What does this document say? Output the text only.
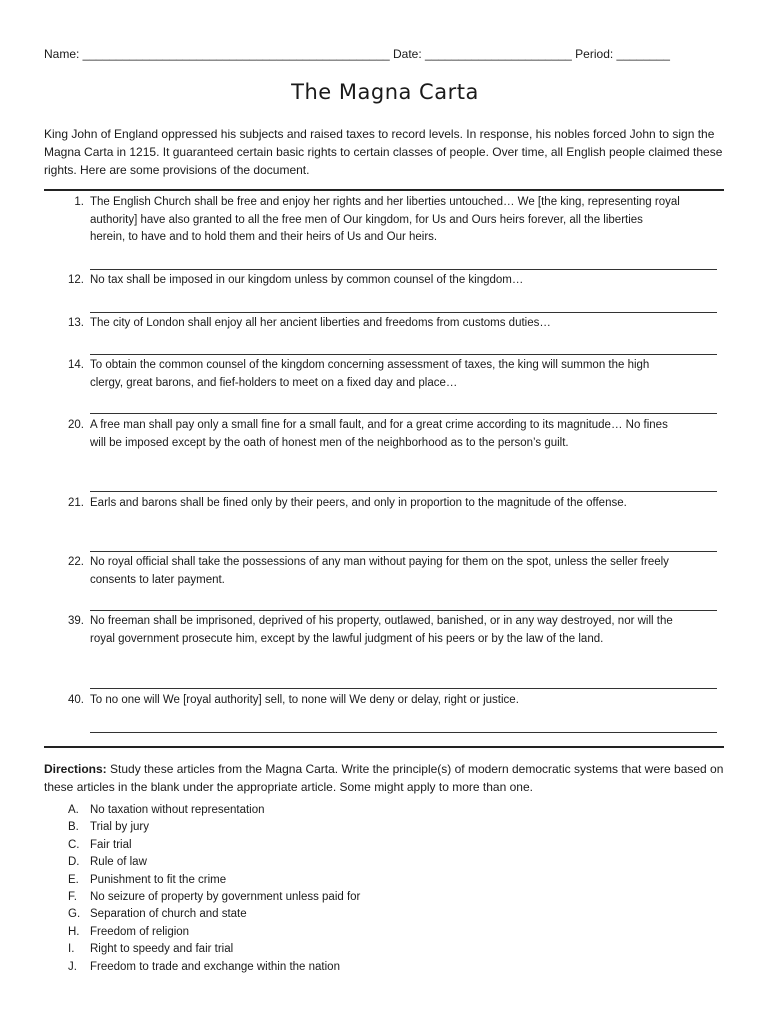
Name: ______________________________________________ Date: ______________________ Period: ________
The Magna Carta
King John of England oppressed his subjects and raised taxes to record levels. In response, his nobles forced John to sign the Magna Carta in 1215. It guaranteed certain basic rights to certain classes of people. Over time, all English people claimed these rights. Here are some provisions of the document.
1. The English Church shall be free and enjoy her rights and her liberties untouched… We [the king, representing royal authority] have also granted to all the free men of Our kingdom, for Us and Ours heirs forever, all the liberties herein, to have and to hold them and their heirs of Us and Our heirs.
12. No tax shall be imposed in our kingdom unless by common counsel of the kingdom…
13. The city of London shall enjoy all her ancient liberties and freedoms from customs duties…
14. To obtain the common counsel of the kingdom concerning assessment of taxes, the king will summon the high clergy, great barons, and fief-holders to meet on a fixed day and place…
20. A free man shall pay only a small fine for a small fault, and for a great crime according to its magnitude… No fines will be imposed except by the oath of honest men of the neighborhood as to the person’s guilt.
21. Earls and barons shall be fined only by their peers, and only in proportion to the magnitude of the offense.
22. No royal official shall take the possessions of any man without paying for them on the spot, unless the seller freely consents to later payment.
39. No freeman shall be imprisoned, deprived of his property, outlawed, banished, or in any way destroyed, nor will the royal government prosecute him, except by the lawful judgment of his peers or by the law of the land.
40. To no one will We [royal authority] sell, to none will We deny or delay, right or justice.
Directions: Study these articles from the Magna Carta. Write the principle(s) of modern democratic systems that were based on these articles in the blank under the appropriate article. Some might apply to more than one.
A. No taxation without representation
B. Trial by jury
C. Fair trial
D. Rule of law
E. Punishment to fit the crime
F. No seizure of property by government unless paid for
G. Separation of church and state
H. Freedom of religion
I. Right to speedy and fair trial
J. Freedom to trade and exchange within the nation
